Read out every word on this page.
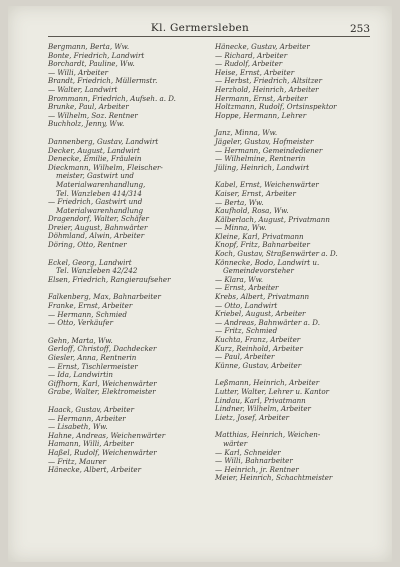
Kl. Germersleben	253
Bergmann, Berta, Ww.
Bonte, Friedrich, Landwirt
Borchardt, Pauline, Ww.
— Willi, Arbeiter
Brandt, Friedrich, Müllermstr.
— Walter, Landwirt
Brommann, Friedrich, Aufseh. a. D.
Brunke, Paul, Arbeiter
— Wilhelm, Soz. Rentner
Buchholz, Jenny, Ww.
Dannenberg, Gustav, Landwirt
Decker, August, Landwirt
Denecke, Emilie, Fräulein
Dieckmann, Wilhelm, Fleischer-
meister, Gastwirt und
Materialwarenhandlung,
Tel. Wanzleben 414/314
— Friedrich, Gastwirt und
Materialwarenhandlung
Dragendorf, Walter, Schäfer
Dreier, August, Bahnwärter
Döhmland, Alwin, Arbeiter
Döring, Otto, Rentner
Eckel, Georg, Landwirt
Tel. Wanzleben 42/242
Elsen, Friedrich, Rangieraufseher
Falkenberg, Max, Bahnarbeiter
Franke, Ernst, Arbeiter
— Hermann, Schmied
— Otto, Verkäufer
Gehn, Marta, Ww.
Gerloff, Christoff, Dachdecker
Giesler, Anna, Rentnerin
— Ernst, Tischlermeister
— Ida, Landwirtin
Giffhorn, Karl, Weichenwärter
Grabe, Walter, Elektromeister
Haack, Gustav, Arbeiter
— Hermann, Arbeiter
— Lisabeth, Ww.
Hahne, Andreas, Weichenwärter
Hamann, Willi, Arbeiter
Haßel, Rudolf, Weichenwärter
— Fritz, Maurer
Hänecke, Albert, Arbeiter
Hänecke, Gustav, Arbeiter
— Richard, Arbeiter
— Rudolf, Arbeiter
Heise, Ernst, Arbeiter
— Herbst, Friedrich, Altsitzer
Herzhold, Heinrich, Arbeiter
Hermann, Ernst, Arbeiter
Holtzmann, Rudolf, Ortsinspektor
Hoppe, Hermann, Lehrer
Janz, Minna, Ww.
Jägeler, Gustav, Hofmeister
— Hermann, Gemeindediener
— Wilhelmine, Rentnerin
Jüling, Heinrich, Landwirt
Kabel, Ernst, Weichenwärter
Kaiser, Ernst, Arbeiter
— Berta, Ww.
Kaufhold, Rosa, Ww.
Kälberlach, August, Privatmann
— Minna, Ww.
Kleine, Karl, Privatmann
Knopf, Fritz, Bahnarbeiter
Koch, Gustav, Straßenwärter a. D.
Könnecke, Bodo, Landwirt u.
Gemeindevorsteher
— Klara, Ww.
— Ernst, Arbeiter
Krebs, Albert, Privatmann
— Otto, Landwirt
Kriebel, August, Arbeiter
— Andreas, Bahnwärter a. D.
— Fritz, Schmied
Kuchta, Franz, Arbeiter
Kurz, Reinhold, Arbeiter
— Paul, Arbeiter
Künne, Gustav, Arbeiter
Leßmann, Heinrich, Arbeiter
Lutter, Walter, Lehrer u. Kantor
Lindau, Karl, Privatmann
Lindner, Wilhelm, Arbeiter
Lietz, Josef, Arbeiter
Matthias, Heinrich, Weichen-
wärter
— Karl, Schneider
— Willi, Bahnarbeiter
— Heinrich, jr. Rentner
Meier, Heinrich, Schachtmeister
